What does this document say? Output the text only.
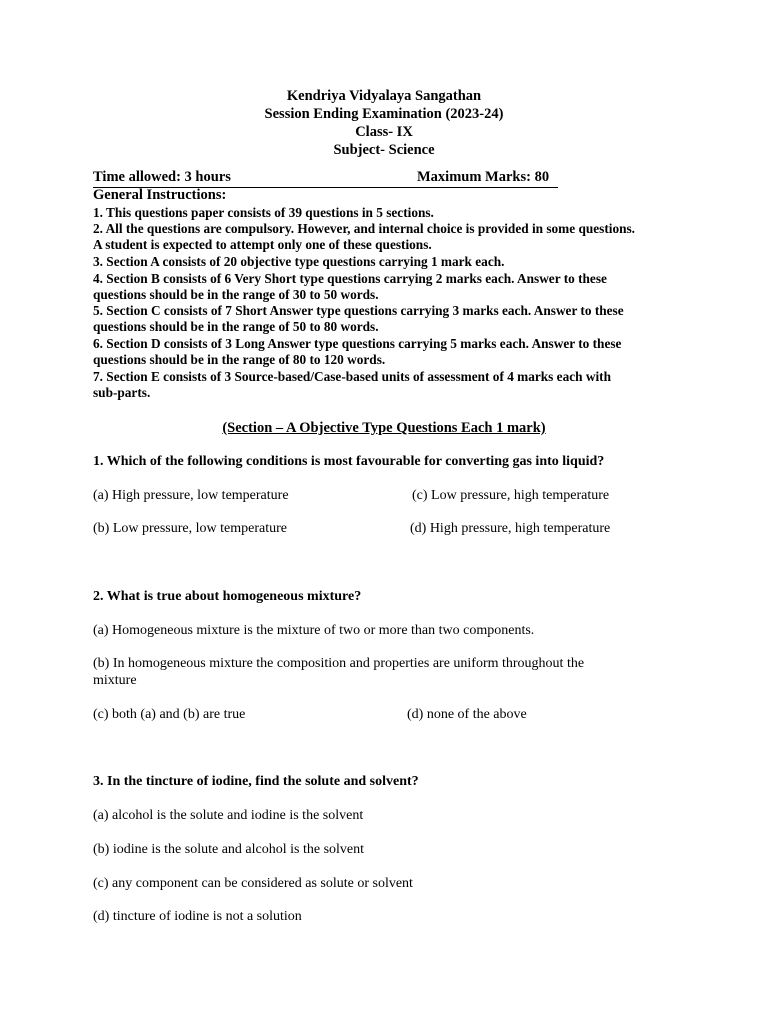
Kendriya Vidyalaya Sangathan
Session Ending Examination (2023-24)
Class- IX
Subject- Science
Time allowed: 3 hours	Maximum Marks: 80
General Instructions:
1. This questions paper consists of 39 questions in 5 sections.
2. All the questions are compulsory. However, and internal choice is provided in some questions.
A student is expected to attempt only one of these questions.
3. Section A consists of 20 objective type questions carrying 1 mark each.
4. Section B consists of 6 Very Short type questions carrying 2 marks each. Answer to these
questions should be in the range of 30 to 50 words.
5. Section C consists of 7 Short Answer type questions carrying 3 marks each. Answer to these
questions should be in the range of 50 to 80 words.
6. Section D consists of 3 Long Answer type questions carrying 5 marks each. Answer to these
questions should be in the range of 80 to 120 words.
7. Section E consists of 3 Source-based/Case-based units of assessment of 4 marks each with
sub-parts.
(Section – A Objective Type Questions Each 1 mark)
1. Which of the following conditions is most favourable for converting gas into liquid?
(a) High pressure, low temperature	(c) Low pressure, high temperature
(b) Low pressure, low temperature	(d) High pressure, high temperature
2. What is true about homogeneous mixture?
(a) Homogeneous mixture is the mixture of two or more than two components.
(b) In homogeneous mixture the composition and properties are uniform throughout the
mixture
(c) both (a) and (b) are true	(d) none of the above
3. In the tincture of iodine, find the solute and solvent?
(a) alcohol is the solute and iodine is the solvent
(b) iodine is the solute and alcohol is the solvent
(c) any component can be considered as solute or solvent
(d) tincture of iodine is not a solution
